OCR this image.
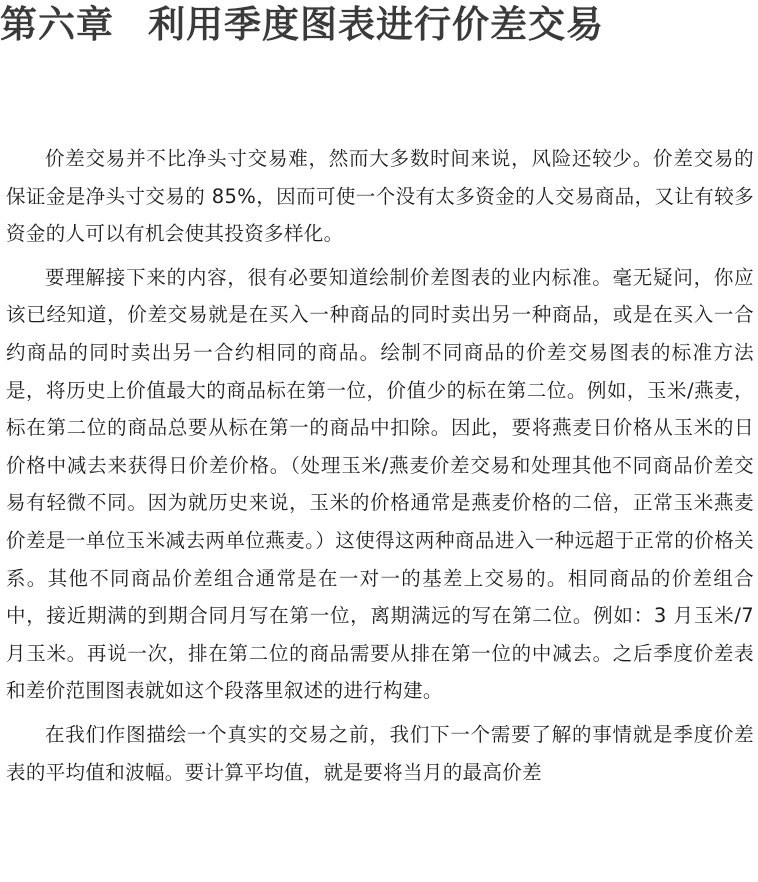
第六章 利用季度图表进行价差交易

价差交易并不比净头寸交易难，然而大多数时间来说，风险还较少。价差交易的保证金是净头寸交易的 85%，因而可使一个没有太多资金的人交易商品，又让有较多资金的人可以有机会使其投资多样化。

要理解接下来的内容，很有必要知道绘制价差图表的业内标准。毫无疑问，你应该已经知道，价差交易就是在买入一种商品的同时卖出另一种商品，或是在买入一合约商品的同时卖出另一合约相同的商品。绘制不同商品的价差交易图表的标准方法是，将历史上价值最大的商品标在第一位，价值少的标在第二位。例如，玉米/燕麦，标在第二位的商品总要从标在第一的商品中扣除。因此，要将燕麦日价格从玉米的日价格中减去来获得日价差价格。（处理玉米/燕麦价差交易和处理其他不同商品价差交易有轻微不同。因为就历史来说，玉米的价格通常是燕麦价格的二倍，正常玉米燕麦价差是一单位玉米减去两单位燕麦。）这使得这两种商品进入一种远超于正常的价格关系。其他不同商品价差组合通常是在一对一的基差上交易的。相同商品的价差组合中，接近期满的到期合同月写在第一位，离期满远的写在第二位。例如：3 月玉米/7 月玉米。再说一次，排在第二位的商品需要从排在第一位的中减去。之后季度价差表和差价范围图表就如这个段落里叙述的进行构建。

在我们作图描绘一个真实的交易之前，我们下一个需要了解的事情就是季度价差表的平均值和波幅。要计算平均值，就是要将当月的最高价差
